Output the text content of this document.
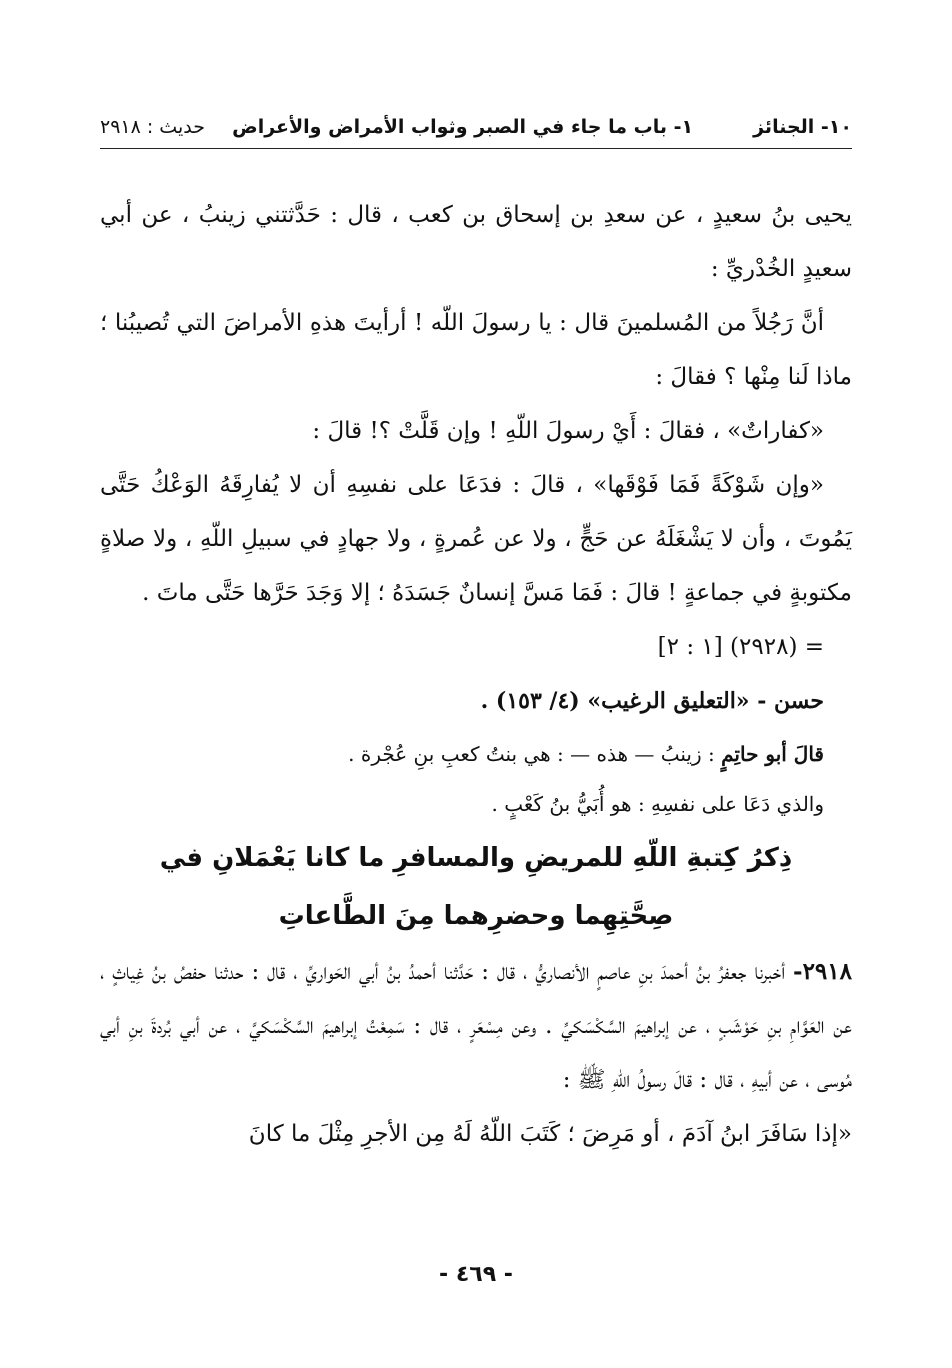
١٠- الجنائز
١- باب ما جاء في الصبر وثواب الأمراض والأعراض
حديث : ٢٩١٨

يحيى بنُ سعيدٍ ، عن سعدِ بن إسحاق بن كعب ، قال : حَدَّثتني زينبُ ، عن أبي سعيدٍ الخُدْريِّ :

أنَّ رَجُلاً من المُسلمينَ قال : يا رسولَ اللّه ! أرأيتَ هذهِ الأمراضَ التي تُصيبُنا ؛ ماذا لَنا مِنْها ؟ فقالَ :

«كفاراتٌ» ، فقالَ : أَيْ رسولَ اللّهِ ! وإن قَلَّتْ ؟! قالَ :

«وإن شَوْكَةً فَمَا فَوْقَها» ، قالَ : فدَعَا على نفسِهِ أن لا يُفارِقَهُ الوَعْكُ حَتَّى يَمُوتَ ، وأن لا يَشْغَلَهُ عن حَجٍّ ، ولا عن عُمرةٍ ، ولا جهادٍ في سبيلِ اللّهِ ، ولا صلاةٍ مكتوبةٍ في جماعةٍ ! قالَ : فَمَا مَسَّ إنسانٌ جَسَدَهُ ؛ إلا وَجَدَ حَرَّها حَتَّى ماتَ .

= (٢٩٢٨) [١ : ٢]

حسن - «التعليق الرغيب» (٤/ ١٥٣) .

قالَ أبو حاتِمٍ : زينبُ — هذه — : هي بنتُ كعبِ بنِ عُجْرة .

والذي دَعَا على نفسِهِ : هو أُبَيُّ بنُ كَعْبٍ .

ذِكرُ كِتبةِ اللّهِ للمريضِ والمسافرِ ما كانا يَعْمَلانِ في

صِحَّتِهِما وحضرِهما مِنَ الطَّاعاتِ

٢٩١٨- أخبرنا جعفرُ بنُ أحمدَ بنِ عاصمٍ الأنصاريُّ ، قال : حَدَّثنا أحمدُ بنُ أبي الحَواريِّ ، قال : حدثنا حفصُ بنُ غِياثٍ ، عن العَوَّامِ بنِ حَوْشَبٍ ، عن إبراهيمَ السَّكْسَكيِّ . وعن مِسْعَرٍ ، قال : سَمِعْتُ إبراهيمَ السَّكْسَكيَّ ، عن أبي بُردةَ بنِ أبي مُوسى ، عن أبيهِ ، قال : قالَ رسولُ اللّهِ ﷺ :

«إذا سَافَرَ ابنُ آدَمَ ، أو مَرِضَ ؛ كَتَبَ اللّهُ لَهُ مِن الأجرِ مِثْلَ ما كانَ

- ٤٦٩ -
